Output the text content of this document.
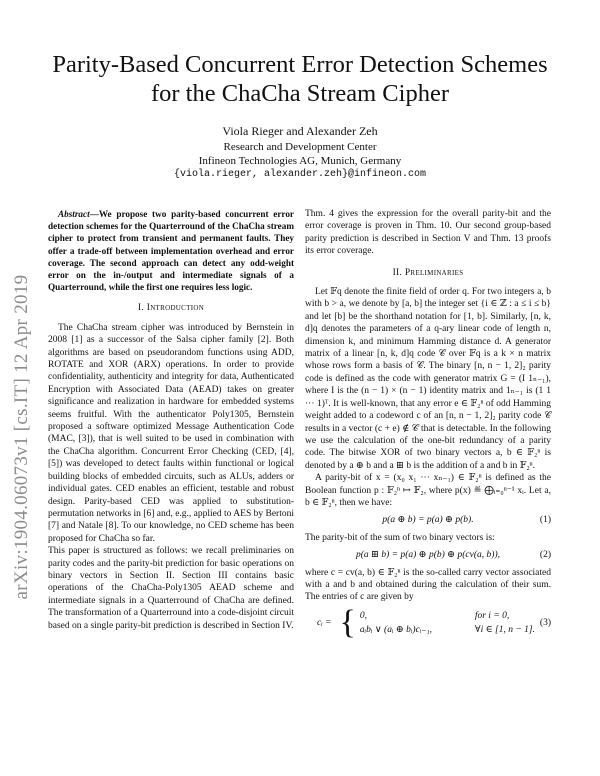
Parity-Based Concurrent Error Detection Schemes for the ChaCha Stream Cipher
Viola Rieger and Alexander Zeh
Research and Development Center
Infineon Technologies AG, Munich, Germany
{viola.rieger, alexander.zeh}@infineon.com
arXiv:1904.06073v1 [cs.IT] 12 Apr 2019

Abstract—We propose two parity-based concurrent error detection schemes for the Quarterround of the ChaCha stream cipher to protect from transient and permanent faults. They offer a trade-off between implementation overhead and error coverage. The second approach can detect any odd-weight error on the in-/output and intermediate signals of a Quarterround, while the first one requires less logic.

I. Introduction

The ChaCha stream cipher was introduced by Bernstein in 2008 [1] as a successor of the Salsa cipher family [2]. Both algorithms are based on pseudorandom functions using ADD, ROTATE and XOR (ARX) operations. In order to provide confidentiality, authenticity and integrity for data, Authenticated Encryption with Associated Data (AEAD) takes on greater significance and realization in hardware for embedded systems seems fruitful. With the authenticator Poly1305, Bernstein proposed a software optimized Message Authentication Code (MAC, [3]), that is well suited to be used in combination with the ChaCha algorithm. Concurrent Error Checking (CED, [4], [5]) was developed to detect faults within functional or logical building blocks of embedded circuits, such as ALUs, adders or individual gates. CED enables an efficient, testable and robust design. Parity-based CED was applied to substitution-permutation networks in [6] and, e.g., applied to AES by Bertoni [7] and Natale [8]. To our knowledge, no CED scheme has been proposed for ChaCha so far.

This paper is structured as follows: we recall preliminaries on parity codes and the parity-bit prediction for basic operations on binary vectors in Section II. Section III contains basic operations of the ChaCha-Poly1305 AEAD scheme and intermediate signals in a Quarterround of ChaCha are defined. The transformation of a Quarterround into a code-disjoint circuit based on a single parity-bit prediction is described in Section IV.

Thm. 4 gives the expression for the overall parity-bit and the error coverage is proven in Thm. 10. Our second group-based parity prediction is described in Section V and Thm. 13 proofs its error coverage.

II. Preliminaries

Let 𝔽q denote the finite field of order q. For two integers a, b with b > a, we denote by [a, b] the integer set {i ∈ ℤ : a ≤ i ≤ b} and let [b] be the shorthand notation for [1, b]. Similarly, [n, k, d]q denotes the parameters of a q-ary linear code of length n, dimension k, and minimum Hamming distance d. A generator matrix of a linear [n, k, d]q code 𝒞 over 𝔽q is a k × n matrix whose rows form a basis of 𝒞. The binary [n, n − 1, 2]₂ parity code is defined as the code with generator matrix G = (I 1ₙ₋₁), where I is the (n − 1) × (n − 1) identity matrix and 1ₙ₋₁ is (1 1 ··· 1)ᵀ. It is well-known, that any error e ∈ 𝔽₂ⁿ of odd Hamming weight added to a codeword c of an [n, n − 1, 2]₂ parity code 𝒞 results in a vector (c + e) ∉ 𝒞 that is detectable. In the following we use the calculation of the one-bit redundancy of a parity code. The bitwise XOR of two binary vectors a, b ∈ 𝔽₂ⁿ is denoted by a ⊕ b and a ⊞ b is the addition of a and b in 𝔽₂ⁿ.

A parity-bit of x = (x₀ x₁ ··· xₙ₋₁) ∈ 𝔽₂ⁿ is defined as the Boolean function p : 𝔽₂ⁿ ↦ 𝔽₂, where p(x) ≝ ⨁ᵢ₌₀ⁿ⁻¹ xᵢ. Let a, b ∈ 𝔽₂ⁿ, then we have:

p(a ⊕ b) = p(a) ⊕ p(b).	(1)

The parity-bit of the sum of two binary vectors is:

p(a ⊞ b) = p(a) ⊕ p(b) ⊕ p(cv(a, b)),	(2)

where c = cv(a, b) ∈ 𝔽₂ⁿ is the so-called carry vector associated with a and b and obtained during the calculation of their sum. The entries of c are given by

cᵢ = { 0,	for i = 0,
aᵢbᵢ ∨ (aᵢ ⊕ bᵢ)cᵢ₋₁,	∀i ∈ [1, n − 1].
(3)
